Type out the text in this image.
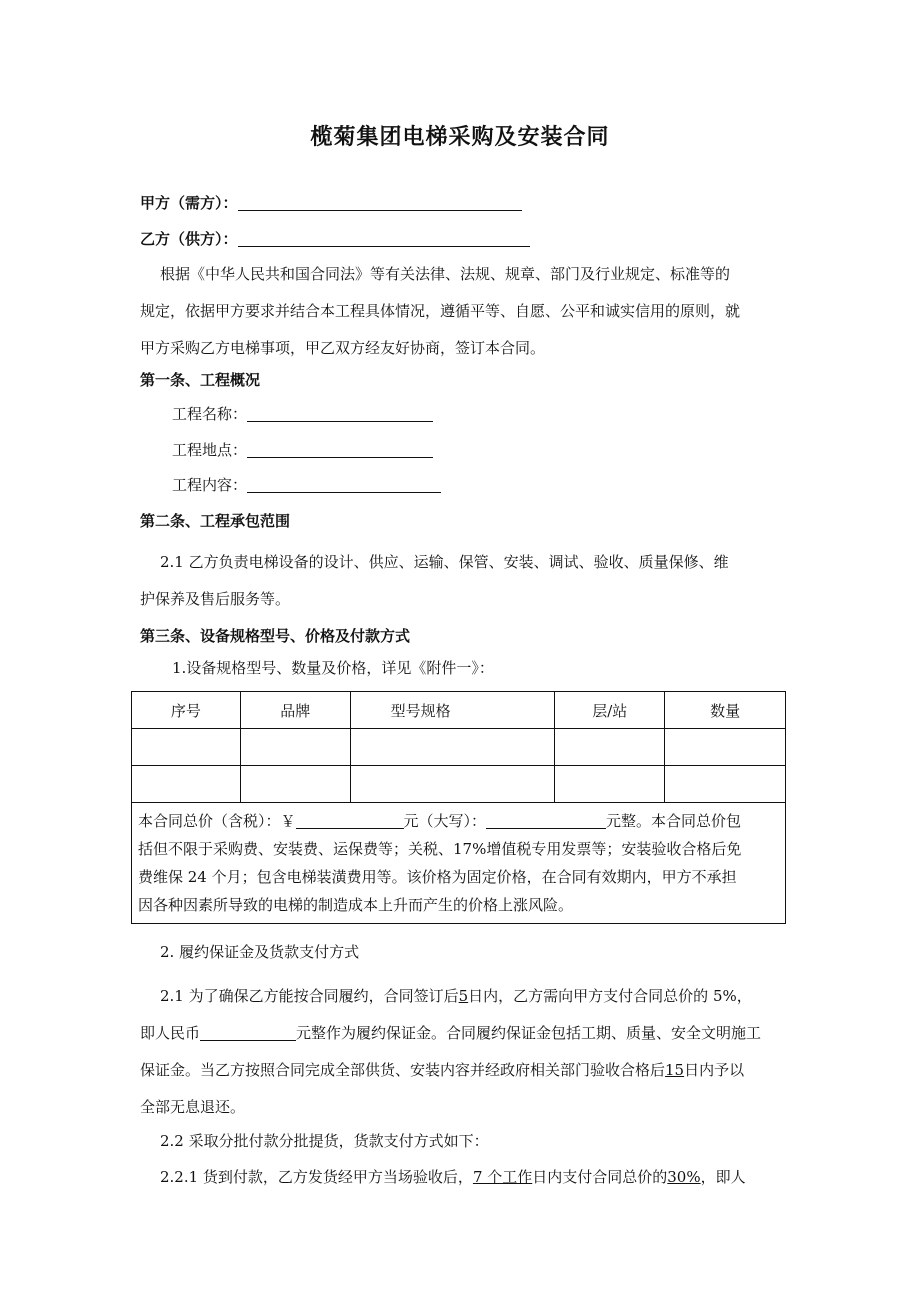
榄菊集团电梯采购及安装合同
甲方（需方）：
乙方（供方）：
根据《中华人民共和国合同法》等有关法律、法规、规章、部门及行业规定、标准等的
规定，依据甲方要求并结合本工程具体情况，遵循平等、自愿、公平和诚实信用的原则，就
甲方采购乙方电梯事项，甲乙双方经友好协商，签订本合同。
第一条、工程概况
工程名称：
工程地点：
工程内容：
第二条、工程承包范围
2.1 乙方负责电梯设备的设计、供应、运输、保管、安装、调试、验收、质量保修、维
护保养及售后服务等。
第三条、设备规格型号、价格及付款方式
1.设备规格型号、数量及价格，详见《附件一》：
序号	品牌	型号规格	层/站	数量

本合同总价（含税）：￥ 元（大写）： 元整。本合同总价包
括但不限于采购费、安装费、运保费等；关税、17%增值税专用发票等；安装验收合格后免
费维保 24 个月；包含电梯装潢费用等。该价格为固定价格，在合同有效期内，甲方不承担
因各种因素所导致的电梯的制造成本上升而产生的价格上涨风险。				
2. 履约保证金及货款支付方式
2.1 为了确保乙方能按合同履约，合同签订后5日内，乙方需向甲方支付合同总价的 5%，
即人民币	元整作为履约保证金。合同履约保证金包括工期、质量、安全文明施工
保证金。当乙方按照合同完成全部供货、安装内容并经政府相关部门验收合格后15日内予以
全部无息退还。
2.2 采取分批付款分批提货，货款支付方式如下：
2.2.1 货到付款，乙方发货经甲方当场验收后，7 个工作日内支付合同总价的30%，即人
